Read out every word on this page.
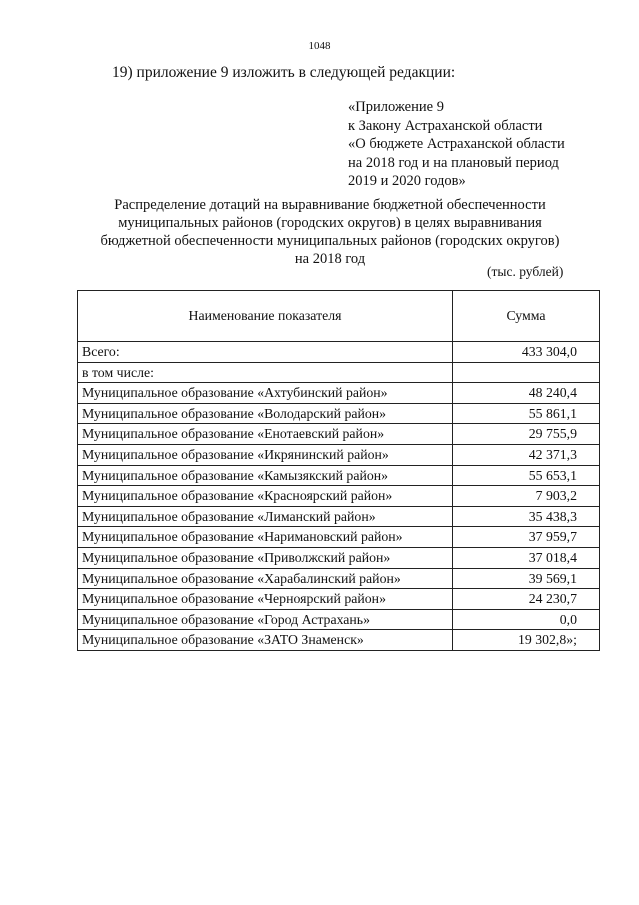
1048
19) приложение 9 изложить в следующей редакции:
«Приложение 9
к Закону Астраханской области
«О бюджете Астраханской области
на 2018 год и на плановый период
2019 и 2020 годов»
Распределение дотаций на выравнивание бюджетной обеспеченности
муниципальных районов (городских округов) в целях выравнивания
бюджетной обеспеченности муниципальных районов (городских округов)
на 2018 год
(тыс. рублей)
Наименование показателя	Сумма
Всего:	433 304,0
в том числе:	
Муниципальное образование «Ахтубинский район»	48 240,4
Муниципальное образование «Володарский район»	55 861,1
Муниципальное образование «Енотаевский район»	29 755,9
Муниципальное образование «Икрянинский район»	42 371,3
Муниципальное образование «Камызякский район»	55 653,1
Муниципальное образование «Красноярский район»	7 903,2
Муниципальное образование «Лиманский район»	35 438,3
Муниципальное образование «Наримановский район»	37 959,7
Муниципальное образование «Приволжский район»	37 018,4
Муниципальное образование «Харабалинский район»	39 569,1
Муниципальное образование «Черноярский район»	24 230,7
Муниципальное образование «Город Астрахань»	0,0
Муниципальное образование «ЗАТО Знаменск»	19 302,8»;
